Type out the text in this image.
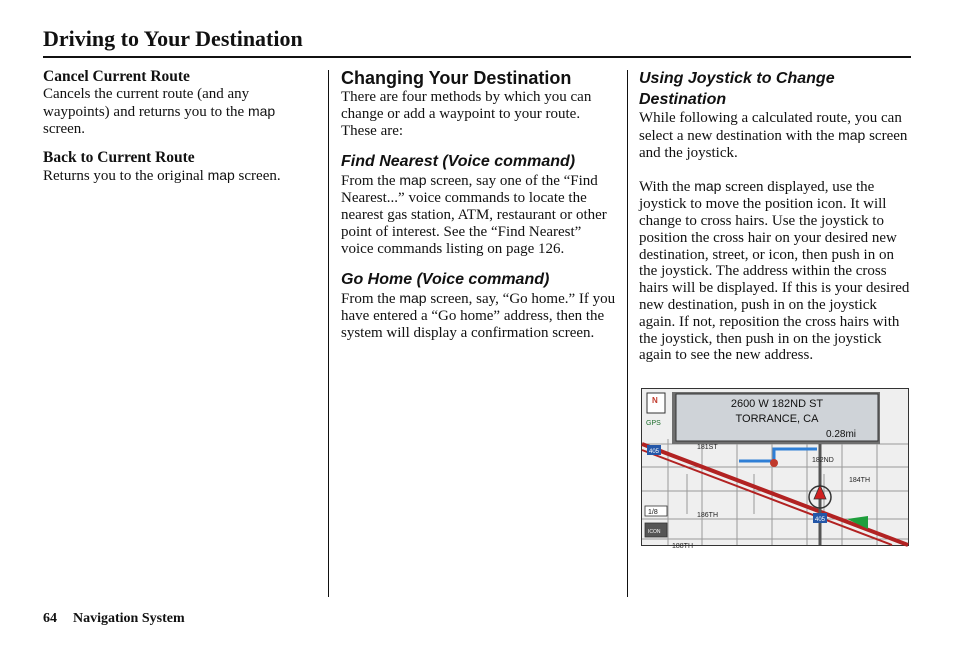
Driving to Your Destination

Cancel Current Route

Cancels the current route (and any waypoints) and returns you to the map screen.

Back to Current Route

Returns you to the original map screen.

Changing Your Destination

There are four methods by which you can change or add a waypoint to your route. These are:

Find Nearest (Voice command)

From the map screen, say one of the “Find Nearest...” voice commands to locate the nearest gas station, ATM, restaurant or other point of interest. See the “Find Nearest” voice commands listing on page 126.

Go Home (Voice command)

From the map screen, say, “Go home.” If you have entered a “Go home” address, then the system will display a confirmation screen.

Using Joystick to Change Destination

While following a calculated route, you can select a new destination with the map screen and the joystick.

With the map screen displayed, use the joystick to move the position icon. It will change to cross hairs. Use the joystick to position the cross hair on your desired new destination, street, or icon, then push in on the joystick. The address within the cross hairs will be displayed. If this is your desired new destination, push in on the joystick again. If not, reposition the cross hairs with the joystick, then push in on the joystick again to see the new address.

181ST
182ND
184TH
186TH
188TH
405
405
2600 W 182ND ST
TORRANCE, CA
0.28mi
N
GPS
1/8
ICON
64 Navigation System
